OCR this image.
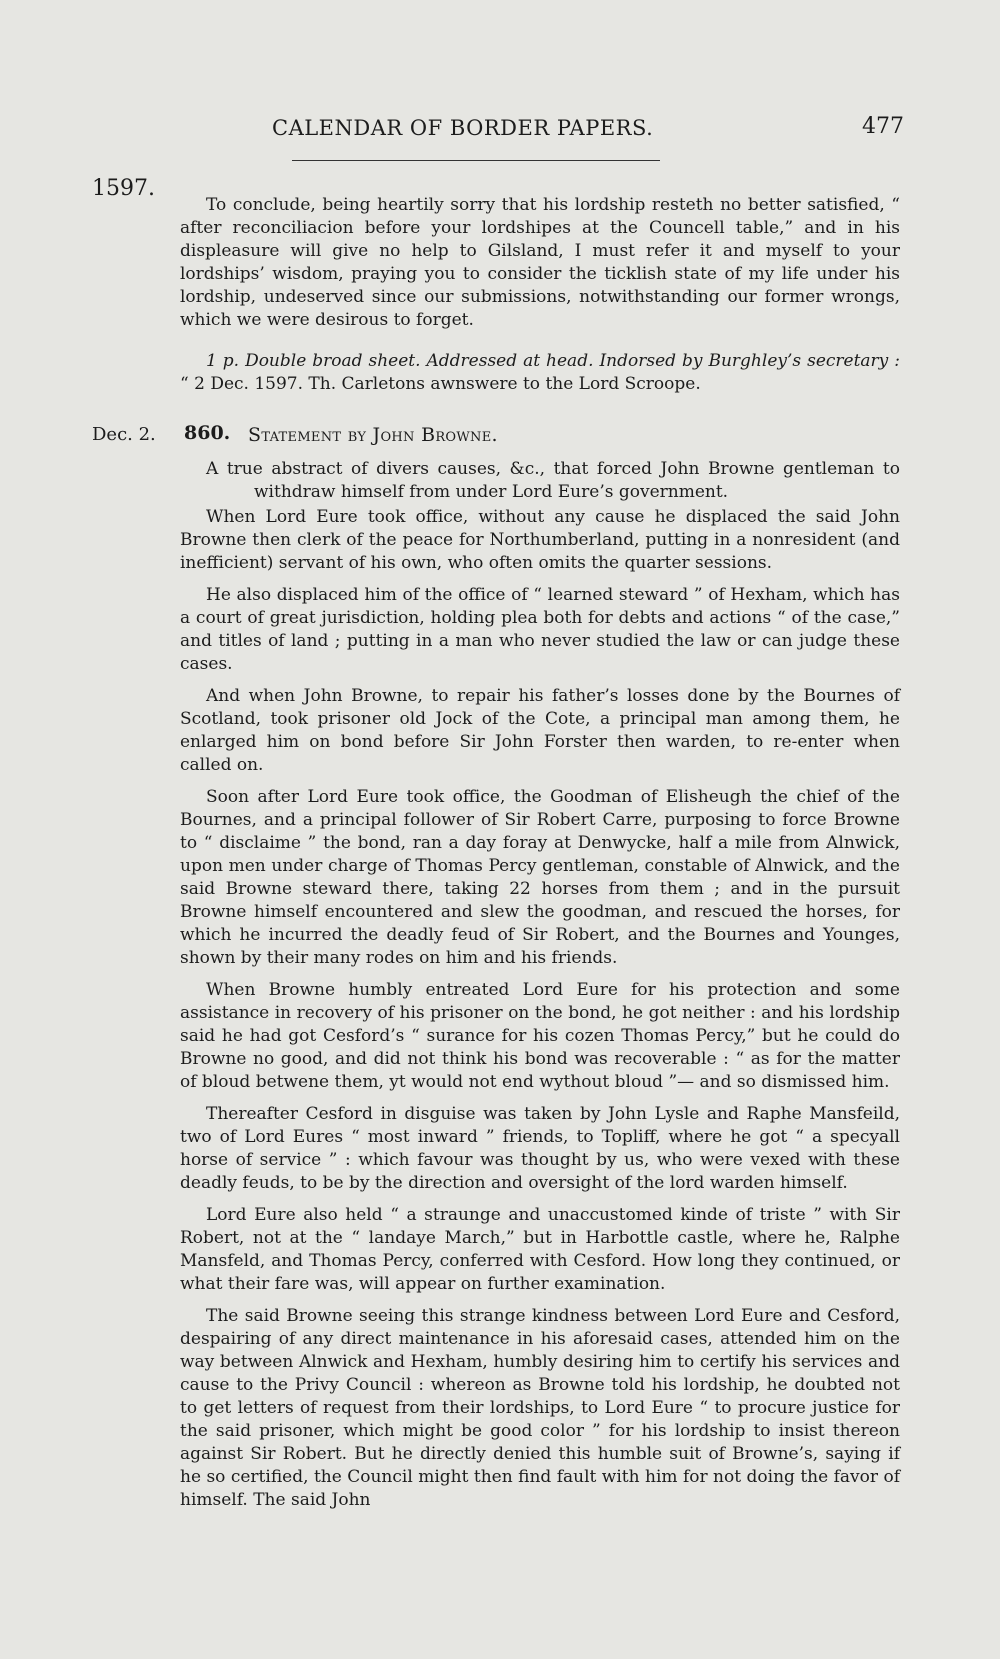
CALENDAR OF BORDER PAPERS.	477
1597.

To conclude, being heartily sorry that his lordship resteth no better satisfied, “ after reconciliacion before your lordshipes at the Councell table,” and in his displeasure will give no help to Gilsland, I must refer it and myself to your lordships’ wisdom, praying you to consider the ticklish state of my life under his lordship, undeserved since our submissions, notwithstanding our former wrongs, which we were desirous to forget.

1 p. Double broad sheet. Addressed at head. Indorsed by Burghley’s secretary : “ 2 Dec. 1597. Th. Carletons awnswere to the Lord Scroope.
Dec. 2. 860. Statement by John Browne.

A true abstract of divers causes, &c., that forced John Browne gentleman to withdraw himself from under Lord Eure’s government.

When Lord Eure took office, without any cause he displaced the said John Browne then clerk of the peace for Northumberland, putting in a nonresident (and inefficient) servant of his own, who often omits the quarter sessions.

He also displaced him of the office of “ learned steward ” of Hexham, which has a court of great jurisdiction, holding plea both for debts and actions “ of the case,” and titles of land ; putting in a man who never studied the law or can judge these cases.

And when John Browne, to repair his father’s losses done by the Bournes of Scotland, took prisoner old Jock of the Cote, a principal man among them, he enlarged him on bond before Sir John Forster then warden, to re-enter when called on.

Soon after Lord Eure took office, the Goodman of Elisheugh the chief of the Bournes, and a principal follower of Sir Robert Carre, purposing to force Browne to “ disclaime ” the bond, ran a day foray at Denwycke, half a mile from Alnwick, upon men under charge of Thomas Percy gentleman, constable of Alnwick, and the said Browne steward there, taking 22 horses from them ; and in the pursuit Browne himself encountered and slew the goodman, and rescued the horses, for which he incurred the deadly feud of Sir Robert, and the Bournes and Younges, shown by their many rodes on him and his friends.

When Browne humbly entreated Lord Eure for his protection and some assistance in recovery of his prisoner on the bond, he got neither : and his lordship said he had got Cesford’s “ surance for his cozen Thomas Percy,” but he could do Browne no good, and did not think his bond was recoverable : “ as for the matter of bloud betwene them, yt would not end wythout bloud ”— and so dismissed him.

Thereafter Cesford in disguise was taken by John Lysle and Raphe Mansfeild, two of Lord Eures “ most inward ” friends, to Topliff, where he got “ a specyall horse of service ” : which favour was thought by us, who were vexed with these deadly feuds, to be by the direction and oversight of the lord warden himself.

Lord Eure also held “ a straunge and unaccustomed kinde of triste ” with Sir Robert, not at the “ landaye March,” but in Harbottle castle, where he, Ralphe Mansfeld, and Thomas Percy, conferred with Cesford. How long they continued, or what their fare was, will appear on further examination.

The said Browne seeing this strange kindness between Lord Eure and Cesford, despairing of any direct maintenance in his aforesaid cases, attended him on the way between Alnwick and Hexham, humbly desiring him to certify his services and cause to the Privy Council : whereon as Browne told his lordship, he doubted not to get letters of request from their lordships, to Lord Eure “ to procure justice for the said prisoner, which might be good color ” for his lordship to insist thereon against Sir Robert. But he directly denied this humble suit of Browne’s, saying if he so certified, the Council might then find fault with him for not doing the favor of himself. The said John
